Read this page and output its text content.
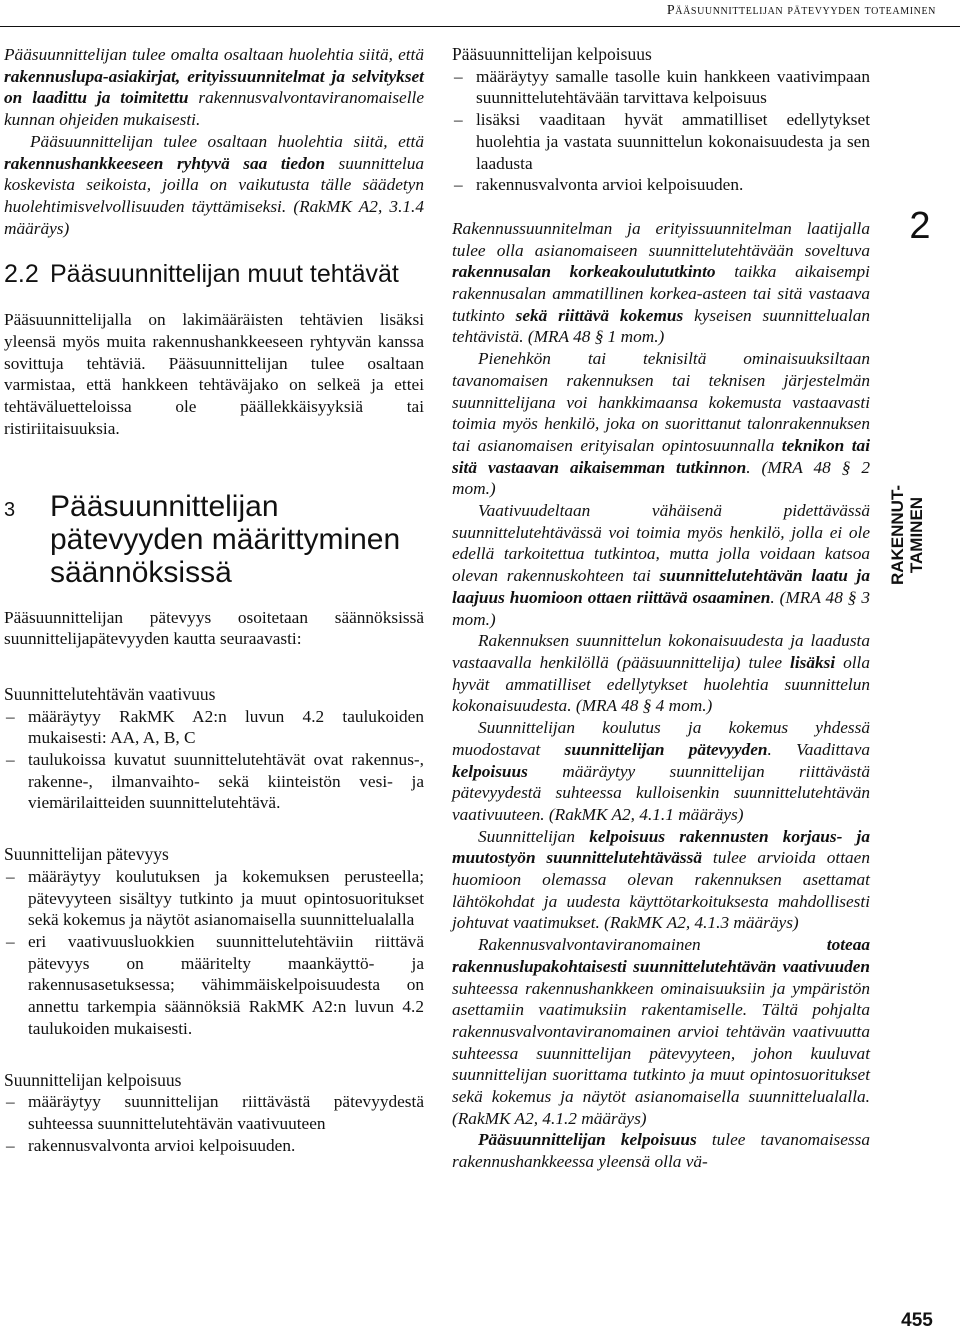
Pääsuunnittelijan pätevyyden toteaminen

Pääsuunnittelijan tulee omalta osaltaan huolehtia siitä, että rakennuslupa-asiakirjat, erityissuunnitelmat ja selvitykset on laadittu ja toimitettu rakennusvalvontaviranomaiselle kunnan ohjeiden mukaisesti.

Pääsuunnittelijan tulee osaltaan huolehtia siitä, että rakennushankkeeseen ryhtyvä saa tiedon suunnittelua koskevista seikoista, joilla on vaikutusta tälle säädetyn huolehtimisvelvollisuuden täyttämiseksi. (RakMK A2, 3.1.4 määräys)

2.2 Pääsuunnittelijan muut tehtävät

Pääsuunnittelijalla on lakimääräisten tehtävien lisäksi yleensä myös muita rakennushankkeeseen ryhtyvän kanssa sovittuja tehtäviä. Pääsuunnittelijan tulee osaltaan varmistaa, että hankkeen tehtäväjako on selkeä ja ettei tehtäväluetteloissa ole päällekkäisyyksiä tai ristiriitaisuuksia.

3 Pääsuunnittelijan pätevyyden määrittyminen säännöksissä

Pääsuunnittelijan pätevyys osoitetaan säännöksissä suunnittelijapätevyyden kautta seuraavasti:

Suunnittelutehtävän vaativuus
– määräytyy RakMK A2:n luvun 4.2 taulukoiden mukaisesti: AA, A, B, C
– taulukoissa kuvatut suunnittelutehtävät ovat rakennus-, rakenne-, ilmanvaihto- sekä kiinteistön vesi- ja viemärilaitteiden suunnittelutehtävä.
Suunnittelijan pätevyys
– määräytyy koulutuksen ja kokemuksen perusteella; pätevyyteen sisältyy tutkinto ja muut opintosuoritukset sekä kokemus ja näytöt asianomaisella suunnittelualalla
– eri vaativuusluokkien suunnittelutehtäviin riittävä pätevyys on määritelty maankäyttö- ja rakennusasetuksessa; vähimmäiskelpoisuudesta on annettu tarkempia säännöksiä RakMK A2:n luvun 4.2 taulukoiden mukaisesti.
Suunnittelijan kelpoisuus
– määräytyy suunnittelijan riittävästä pätevyydestä suhteessa suunnittelutehtävän vaativuuteen
– rakennusvalvonta arvioi kelpoisuuden.
Pääsuunnittelijan kelpoisuus
– määräytyy samalle tasolle kuin hankkeen vaativimpaan suunnittelutehtävään tarvittava kelpoisuus
– lisäksi vaaditaan hyvät ammatilliset edellytykset huolehtia ja vastata suunnittelun kokonaisuudesta ja sen laadusta
– rakennusvalvonta arvioi kelpoisuuden.

Rakennussuunnitelman ja erityissuunnitelman laatijalla tulee olla asianomaiseen suunnittelutehtävään soveltuva rakennusalan korkeakoulututkinto taikka aikaisempi rakennusalan ammatillinen korkea-asteen tai sitä vastaava tutkinto sekä riittävä kokemus kyseisen suunnittelualan tehtävistä. (MRA 48 § 1 mom.)

Pienehkön tai teknisiltä ominaisuuksiltaan tavanomaisen rakennuksen tai teknisen järjestelmän suunnittelijana voi hankkimaansa kokemusta vastaavasti toimia myös henkilö, joka on suorittanut talonrakennuksen tai asianomaisen erityisalan opintosuunnalla teknikon tai sitä vastaavan aikaisemman tutkinnon. (MRA 48 § 2 mom.)

Vaativuudeltaan vähäisenä pidettävässä suunnittelutehtävässä voi toimia myös henkilö, jolla ei ole edellä tarkoitettua tutkintoa, mutta jolla voidaan katsoa olevan rakennuskohteen tai suunnittelutehtävän laatu ja laajuus huomioon ottaen riittävä osaaminen. (MRA 48 § 3 mom.)

Rakennuksen suunnittelun kokonaisuudesta ja laadusta vastaavalla henkilöllä (pääsuunnittelija) tulee lisäksi olla hyvät ammatilliset edellytykset huolehtia suunnittelun kokonaisuudesta. (MRA 48 § 4 mom.)

Suunnittelijan koulutus ja kokemus yhdessä muodostavat suunnittelijan pätevyyden. Vaadittava kelpoisuus määräytyy suunnittelijan riittävästä pätevyydestä suhteessa kulloisenkin suunnittelutehtävän vaativuuteen. (RakMK A2, 4.1.1 määräys)

Suunnittelijan kelpoisuus rakennusten korjaus- ja muutostyön suunnittelutehtävässä tulee arvioida ottaen huomioon olemassa olevan rakennuksen asettamat lähtökohdat ja uudesta käyttötarkoituksesta mahdollisesti johtuvat vaatimukset. (RakMK A2, 4.1.3 määräys)

Rakennusvalvontaviranomainen toteaa rakennuslupakohtaisesti suunnittelutehtävän vaativuuden suhteessa rakennushankkeen ominaisuuksiin ja ympäristön asettamiin vaatimuksiin rakentamiselle. Tältä pohjalta rakennusvalvontaviranomainen arvioi tehtävän vaativuutta suhteessa suunnittelijan pätevyyteen, johon kuuluvat suunnittelijan suorittama tutkinto ja muut opintosuoritukset sekä kokemus ja näytöt asianomaisella suunnittelualalla. (RakMK A2, 4.1.2 määräys)

Pääsuunnittelijan kelpoisuus tulee tavanomaisessa rakennushankkeessa yleensä olla vä-

2
RAKENNUT-
TAMINEN
455
